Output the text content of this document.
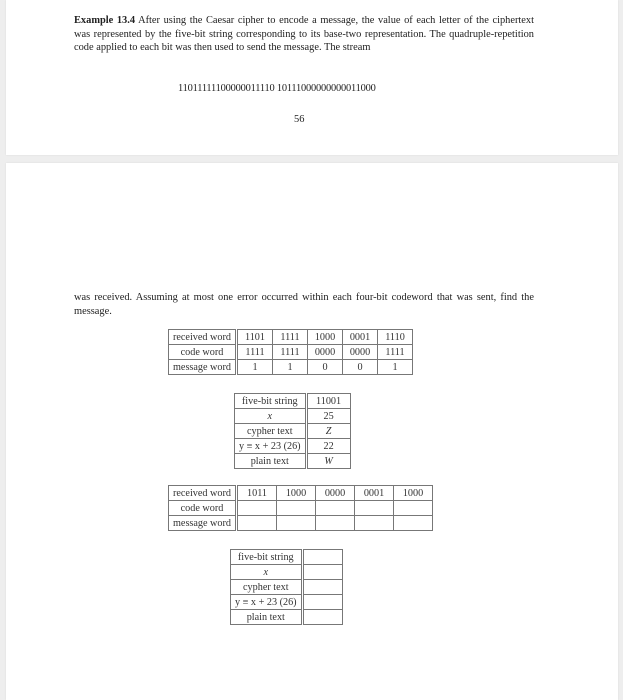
Example 13.4 After using the Caesar cipher to encode a message, the value of each letter of the ciphertext was represented by the five-bit string corresponding to its base-two representation. The quadruple-repetition code applied to each bit was then used to send the message. The stream
11011111100000011110 10111000000000011000
56
was received. Assuming at most one error occurred within each four-bit codeword that was sent, find the message.
received word	1101	1111	1000	0001	1110
code word	1111	1111	0000	0000	1111
message word	1	1	0	0	1
five-bit string	11001
x	25
cypher text	Z
y ≡ x + 23 (26)	22
plain text	W
received word	1011	1000	0000	0001	1000
code word					
message word					
five-bit string	
x	
cypher text	
y ≡ x + 23 (26)	
plain text	
